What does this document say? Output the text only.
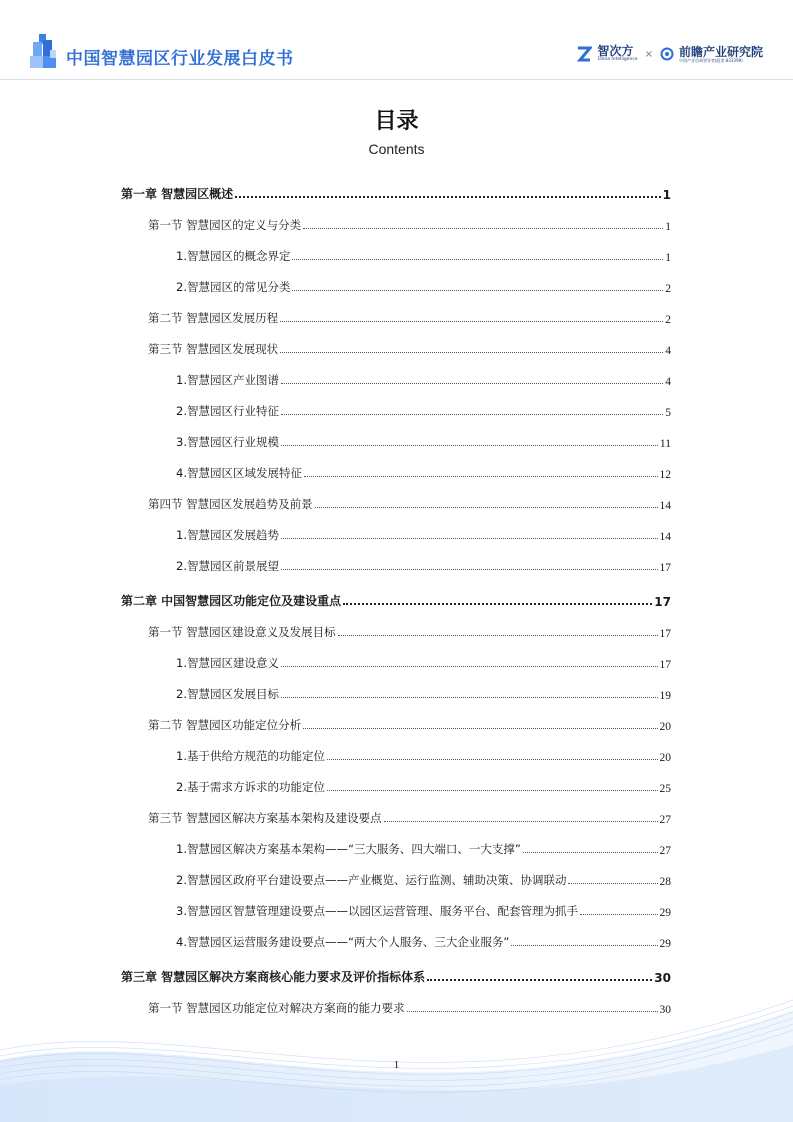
中国智慧园区行业发展白皮书	智次方
10ina Intelligence
× 前瞻产业研究院
中国产业咨询领导者(股票:833399)
目录
Contents
第一章 智慧园区概述	1
第一节 智慧园区的定义与分类	1
1.智慧园区的概念界定	1
2.智慧园区的常见分类	2
第二节 智慧园区发展历程	2
第三节 智慧园区发展现状	4
1.智慧园区产业图谱	4
2.智慧园区行业特征	5
3.智慧园区行业规模	11
4.智慧园区区域发展特征	12
第四节 智慧园区发展趋势及前景	14
1.智慧园区发展趋势	14
2.智慧园区前景展望	17
第二章 中国智慧园区功能定位及建设重点	17
第一节 智慧园区建设意义及发展目标	17
1.智慧园区建设意义	17
2.智慧园区发展目标	19
第二节 智慧园区功能定位分析	20
1.基于供给方规范的功能定位	20
2.基于需求方诉求的功能定位	25
第三节 智慧园区解决方案基本架构及建设要点	27
1.智慧园区解决方案基本架构——“三大服务、四大端口、一大支撑”	27
2.智慧园区政府平台建设要点——产业概览、运行监测、辅助决策、协调联动	28
3.智慧园区智慧管理建设要点——以园区运营管理、服务平台、配套管理为抓手	29
4.智慧园区运营服务建设要点——“两大个人服务、三大企业服务”	29
第三章 智慧园区解决方案商核心能力要求及评价指标体系	30
第一节 智慧园区功能定位对解决方案商的能力要求	30
1
